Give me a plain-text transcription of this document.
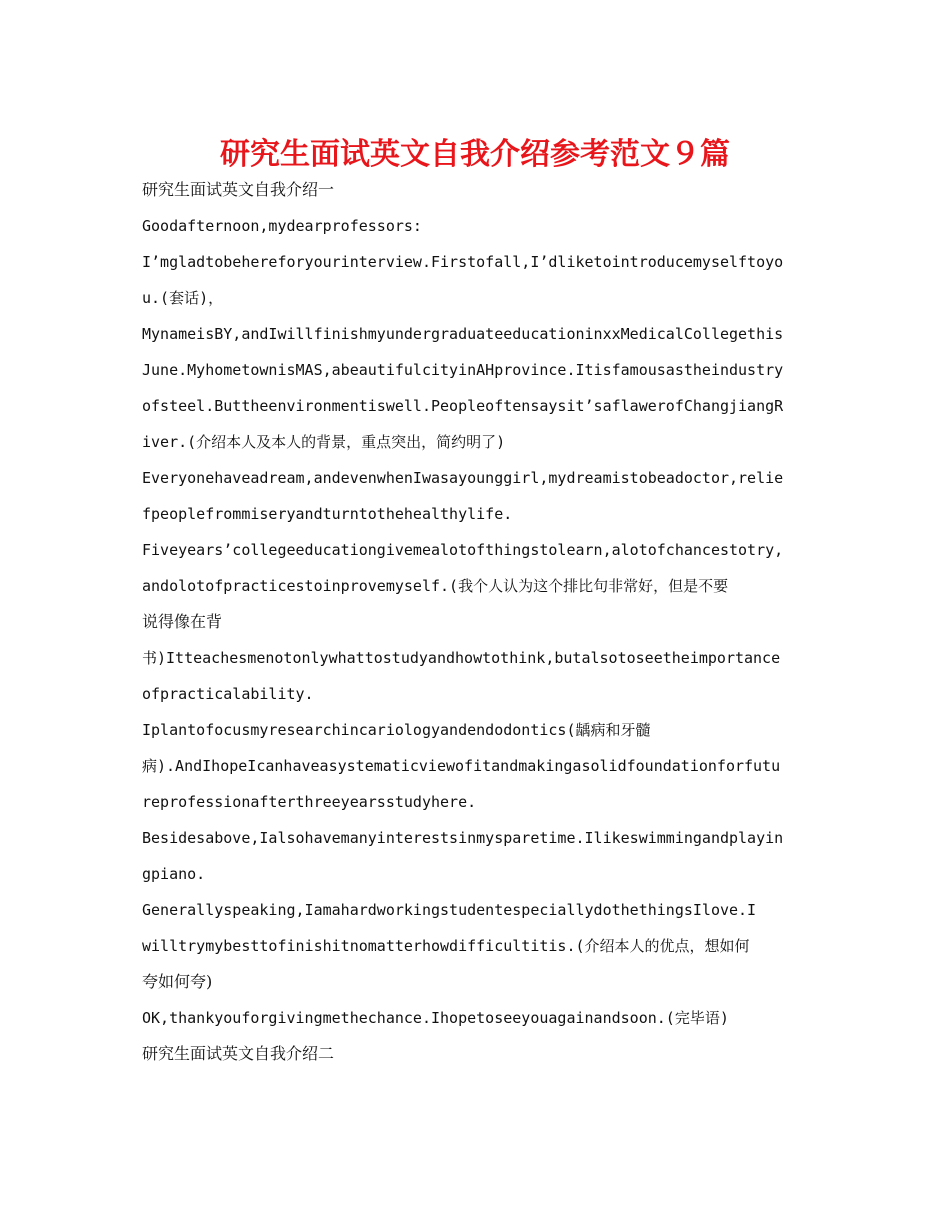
研究生面试英文自我介绍参考范文９篇
研究生面试英文自我介绍一
Goodafternoon,mydearprofessors:
I’mgladtobehereforyourinterview.Firstofall,I’dliketointroducemyselftoyo
u.(套话)，
MynameisBY,andIwillfinishmyundergraduateeducationinxxMedicalCollegethis
June.MyhometownisMAS,abeautifulcityinAHprovince.Itisfamousastheindustry
ofsteel.Buttheenvironmentiswell.Peopleoftensaysit’saflawerofChangjiangR
iver.(介绍本人及本人的背景，重点突出，简约明了)
Everyonehaveadream,andevenwhenIwasayounggirl,mydreamistobeadoctor,relie
fpeoplefrommiseryandturntothehealthylife.
Fiveyears’collegeeducationgivemealotofthingstolearn,alotofchancestotry,
andolotofpracticestoinprovemyself.(我个人认为这个排比句非常好，但是不要
说得像在背
书)Itteachesmenotonlywhattostudyandhowtothink,butalsotoseetheimportance
ofpracticalability.
Iplantofocusmyresearchincariologyandendodontics(龋病和牙髓
病).AndIhopeIcanhaveasystematicviewofitandmakingasolidfoundationforfutu
reprofessionafterthreeyearsstudyhere.
Besidesabove,Ialsohavemanyinterestsinmysparetime.Ilikeswimmingandplayin
gpiano.
Generallyspeaking,IamahardworkingstudentespeciallydothethingsIlove.I
willtrymybesttofinishitnomatterhowdifficultitis.(介绍本人的优点，想如何
夸如何夸)
OK,thankyouforgivingmethechance.Ihopetoseeyouagainandsoon.(完毕语)
研究生面试英文自我介绍二
